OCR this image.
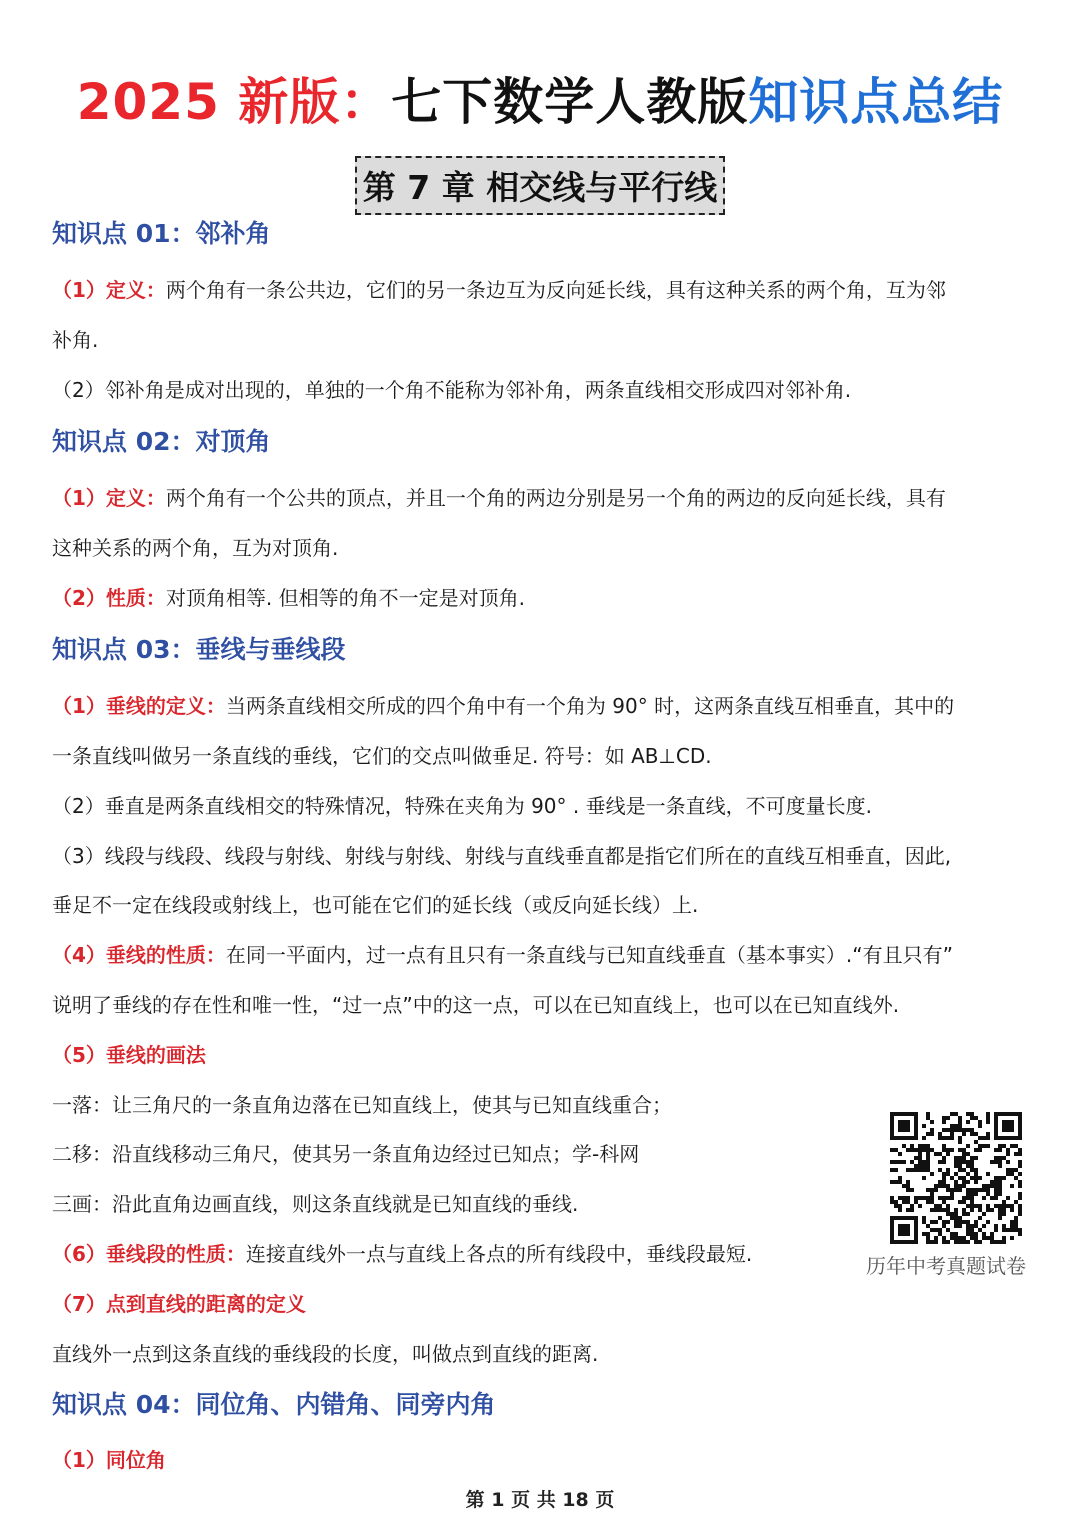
2025 新版：七下数学人教版知识点总结
第 7 章 相交线与平行线
知识点 01：邻补角
（1）定义：两个角有一条公共边，它们的另一条边互为反向延长线，具有这种关系的两个角，互为邻
补角.
（2）邻补角是成对出现的，单独的一个角不能称为邻补角，两条直线相交形成四对邻补角.
知识点 02：对顶角
（1）定义：两个角有一个公共的顶点，并且一个角的两边分别是另一个角的两边的反向延长线，具有
这种关系的两个角，互为对顶角.
（2）性质：对顶角相等. 但相等的角不一定是对顶角.
知识点 03：垂线与垂线段
（1）垂线的定义：当两条直线相交所成的四个角中有一个角为 90° 时，这两条直线互相垂直，其中的
一条直线叫做另一条直线的垂线，它们的交点叫做垂足. 符号：如 AB⊥CD.
（2）垂直是两条直线相交的特殊情况，特殊在夹角为 90° . 垂线是一条直线，不可度量长度.
（3）线段与线段、线段与射线、射线与射线、射线与直线垂直都是指它们所在的直线互相垂直，因此,
垂足不一定在线段或射线上，也可能在它们的延长线（或反向延长线）上.
（4）垂线的性质：在同一平面内，过一点有且只有一条直线与已知直线垂直（基本事实）.“有且只有”
说明了垂线的存在性和唯一性，“过一点”中的这一点，可以在已知直线上，也可以在已知直线外.
（5）垂线的画法
一落：让三角尺的一条直角边落在已知直线上，使其与已知直线重合；
二移：沿直线移动三角尺，使其另一条直角边经过已知点；学-科网
三画：沿此直角边画直线，则这条直线就是已知直线的垂线.
（6）垂线段的性质：连接直线外一点与直线上各点的所有线段中，垂线段最短.
（7）点到直线的距离的定义
直线外一点到这条直线的垂线段的长度，叫做点到直线的距离.
知识点 04：同位角、内错角、同旁内角
（1）同位角
历年中考真题试卷
第 1 页 共 18 页
